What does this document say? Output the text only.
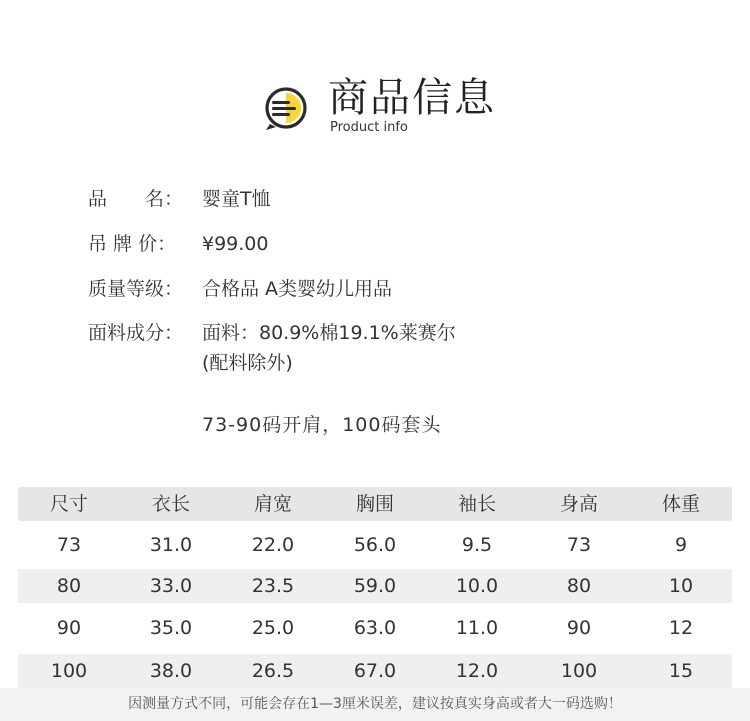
商品信息
Product info
品　　名： 婴童T恤
吊 牌 价： ¥99.00
质量等级： 合格品 A类婴幼儿用品
面料成分： 面料：80.9%棉19.1%莱赛尔
(配料除外)
73-90码开肩，100码套头
尺寸	衣长	肩宽	胸围	袖长	身高	体重
73	31.0	22.0	56.0	9.5	73	9
80	33.0	23.5	59.0	10.0	80	10
90	35.0	25.0	63.0	11.0	90	12
100	38.0	26.5	67.0	12.0	100	15
因测量方式不同，可能会存在1—3厘米误差，建议按真实身高或者大一码选购！
